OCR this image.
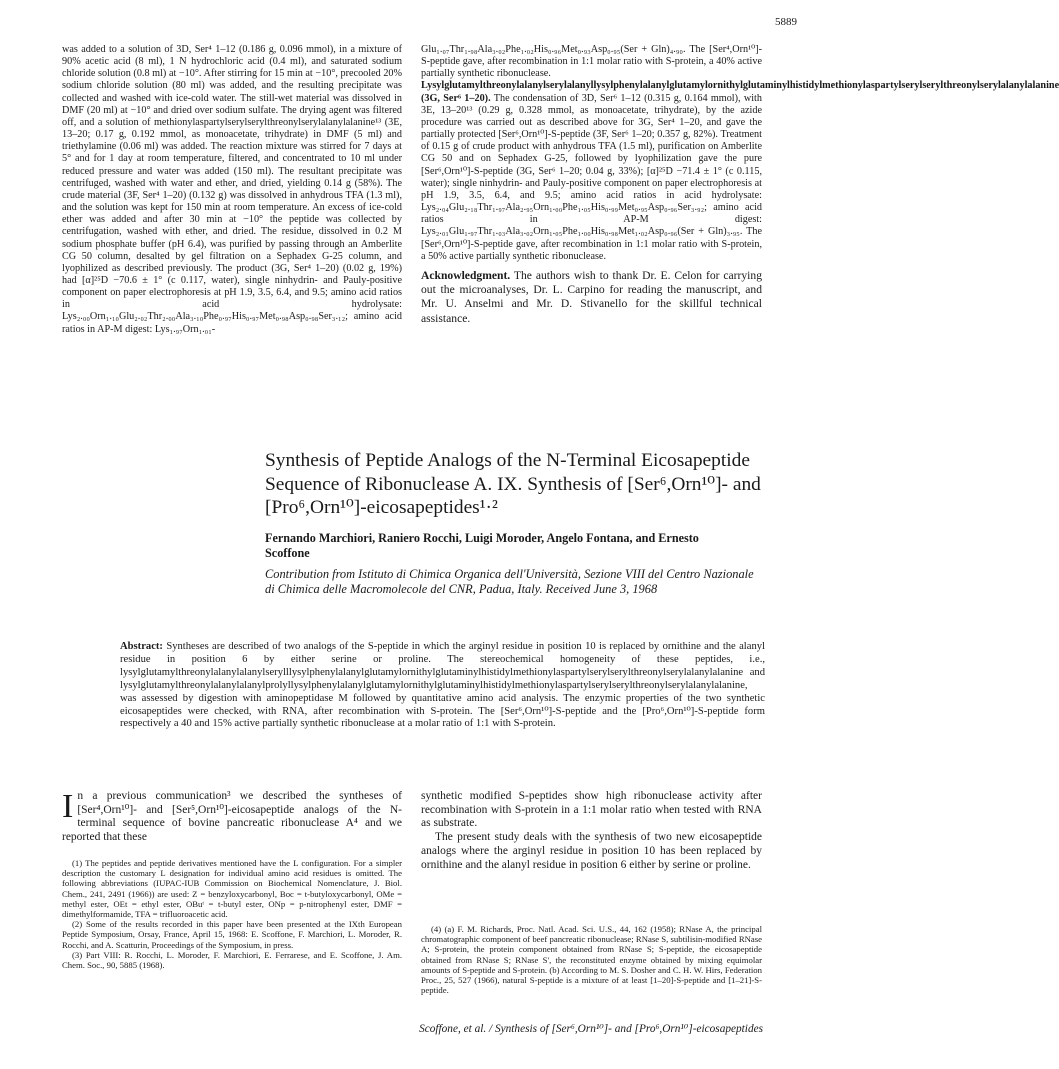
5889

was added to a solution of 3D, Ser⁴ 1–12 (0.186 g, 0.096 mmol), in a mixture of 90% acetic acid (8 ml), 1 N hydrochloric acid (0.4 ml), and saturated sodium chloride solution (0.8 ml) at −10°. After stirring for 15 min at −10°, precooled 20% sodium chloride solution (80 ml) was added, and the resulting precipitate was collected and washed with ice-cold water. The still-wet material was dissolved in DMF (20 ml) at −10° and dried over sodium sulfate. The drying agent was filtered off, and a solution of methionylaspartylserylserylthreonylserylalanylalanine¹³ (3E, 13–20; 0.17 g, 0.192 mmol, as monoacetate, trihydrate) in DMF (5 ml) and triethylamine (0.06 ml) was added. The reaction mixture was stirred for 7 days at 5° and for 1 day at room temperature, filtered, and concentrated to 10 ml under reduced pressure and water was added (150 ml). The resultant precipitate was centrifuged, washed with water and ether, and dried, yielding 0.14 g (58%). The crude material (3F, Ser⁴ 1–20) (0.132 g) was dissolved in anhydrous TFA (1.3 ml), and the solution was kept for 150 min at room temperature. An excess of ice-cold ether was added and after 30 min at −10° the peptide was collected by centrifugation, washed with ether, and dried. The residue, dissolved in 0.2 M sodium phosphate buffer (pH 6.4), was purified by passing through an Amberlite CG 50 column, desalted by gel filtration on a Sephadex G-25 column, and lyophilized as described previously. The product (3G, Ser⁴ 1–20) (0.02 g, 19%) had [α]²⁵D −70.6 ± 1° (c 0.117, water), single ninhydrin- and Pauly-positive component on paper electrophoresis at pH 1.9, 3.5, 6.4, and 9.5; amino acid ratios in acid hydrolysate: Lys₂.₀₀Orn₁.₁₀Glu₂.₀₂Thr₂.₀₀Ala₃.₁₀Phe₀.₉₇His₀.₉₇Met₀.₉₈Asp₀.₉₈Ser₃.₁₂; amino acid ratios in AP-M digest: Lys₁.₉₇Orn₁.₀₁-

Glu₁.₀₇Thr₁.₉₈Ala₃.₀₂Phe₁.₀₂His₀.₉₆Met₀.₉₃Asp₀.₉₅(Ser + Gln)₄.₉₀. The [Ser⁴,Orn¹⁰]-S-peptide gave, after recombination in 1:1 molar ratio with S-protein, a 40% active partially synthetic ribonuclease.

Lysylglutamylthreonylalanylserylalanyllysylphenylalanylglutamylornithylglutaminylhistidylmethionylaspartylserylserylthreonylserylalanylalanine (3G, Ser⁶ 1–20). The condensation of 3D, Ser⁶ 1–12 (0.315 g, 0.164 mmol), with 3E, 13–20¹³ (0.29 g, 0.328 mmol, as monoacetate, trihydrate), by the azide procedure was carried out as described above for 3G, Ser⁴ 1–20, and gave the partially protected [Ser⁶,Orn¹⁰]-S-peptide (3F, Ser⁶ 1–20; 0.357 g, 82%). Treatment of 0.15 g of crude product with anhydrous TFA (1.5 ml), purification on Amberlite CG 50 and on Sephadex G-25, followed by lyophilization gave the pure [Ser⁶,Orn¹⁰]-S-peptide (3G, Ser⁶ 1–20; 0.04 g, 33%); [α]²⁵D −71.4 ± 1° (c 0.115, water); single ninhydrin- and Pauly-positive component on paper electrophoresis at pH 1.9, 3.5, 6.4, and 9.5; amino acid ratios in acid hydrolysate: Lys₂.₀₄Glu₂.₁₈Thr₁.₉₇Ala₂.₉₅Orn₁.₀₀Phe₁.₀₅His₀.₉₉Met₀.₉₅Asp₀.₉₆Ser₃.₉₂; amino acid ratios in AP-M digest: Lys₂.₀₁Glu₁.₉₇Thr₁.₀₃Ala₃.₀₂Orn₁.₀₅Phe₁.₀₀His₀.₉₈Met₁.₀₂Asp₀.₉₆(Ser + Gln)₃.₉₅. The [Ser⁶,Orn¹⁰]-S-peptide gave, after recombination in 1:1 molar ratio with S-protein, a 50% active partially synthetic ribonuclease.

Acknowledgment. The authors wish to thank Dr. E. Celon for carrying out the microanalyses, Dr. L. Carpino for reading the manuscript, and Mr. U. Anselmi and Mr. D. Stivanello for the skillful technical assistance.

Synthesis of Peptide Analogs of the N-Terminal Eicosapeptide Sequence of Ribonuclease A. IX. Synthesis of [Ser⁶,Orn¹⁰]- and [Pro⁶,Orn¹⁰]-eicosapeptides¹·²
Fernando Marchiori, Raniero Rocchi, Luigi Moroder, Angelo Fontana, and Ernesto Scoffone
Contribution from Istituto di Chimica Organica dell'Università, Sezione VIII del Centro Nazionale di Chimica delle Macromolecole del CNR, Padua, Italy. Received June 3, 1968
Abstract: Syntheses are described of two analogs of the S-peptide in which the arginyl residue in position 10 is replaced by ornithine and the alanyl residue in position 6 by either serine or proline. The stereochemical homogeneity of these peptides, i.e., lysylglutamylthreonylalanylalanylserylllysylphenylalanylglutamylornithylglutaminylhistidylmethionylaspartylserylserylthreonylserylalanylalanine and lysylglutamylthreonylalanylalanylprolyllysylphenylalanylglutamylornithylglutaminylhistidylmethionylaspartylserylserylthreonylserylalanylalanine, was assessed by digestion with aminopeptidase M followed by quantitative amino acid analysis. The enzymic properties of the two synthetic eicosapeptides were checked, with RNA, after recombination with S-protein. The [Ser⁶,Orn¹⁰]-S-peptide and the [Pro⁶,Orn¹⁰]-S-peptide form respectively a 40 and 15% active partially synthetic ribonuclease at a molar ratio of 1:1 with S-protein.
I n a previous communication³ we described the syntheses of [Ser⁴,Orn¹⁰]- and [Ser⁵,Orn¹⁰]-eicosapeptide analogs of the N-terminal sequence of bovine pancreatic ribonuclease A⁴ and we reported that these

(1) The peptides and peptide derivatives mentioned have the L configuration. For a simpler description the customary L designation for individual amino acid residues is omitted. The following abbreviations (IUPAC-IUB Commission on Biochemical Nomenclature, J. Biol. Chem., 241, 2491 (1966)) are used: Z = benzyloxycarbonyl, Boc = t-butyloxycarbonyl, OMe = methyl ester, OEt = ethyl ester, OBuᵗ = t-butyl ester, ONp = p-nitrophenyl ester, DMF = dimethylformamide, TFA = trifluoroacetic acid.

(2) Some of the results recorded in this paper have been presented at the IXth European Peptide Symposium, Orsay, France, April 15, 1968: E. Scoffone, F. Marchiori, L. Moroder, R. Rocchi, and A. Scatturin, Proceedings of the Symposium, in press.

(3) Part VIII: R. Rocchi, L. Moroder, F. Marchiori, E. Ferrarese, and E. Scoffone, J. Am. Chem. Soc., 90, 5885 (1968).

synthetic modified S-peptides show high ribonuclease activity after recombination with S-protein in a 1:1 molar ratio when tested with RNA as substrate.

The present study deals with the synthesis of two new eicosapeptide analogs where the arginyl residue in position 10 has been replaced by ornithine and the alanyl residue in position 6 either by serine or proline.

(4) (a) F. M. Richards, Proc. Natl. Acad. Sci. U.S., 44, 162 (1958); RNase A, the principal chromatographic component of beef pancreatic ribonuclease; RNase S, subtilisin-modified RNase A; S-protein, the protein component obtained from RNase S; S-peptide, the eicosapeptide obtained from RNase S; RNase S', the reconstituted enzyme obtained by mixing equimolar amounts of S-peptide and S-protein. (b) According to M. S. Dosher and C. H. W. Hirs, Federation Proc., 25, 527 (1966), natural S-peptide is a mixture of at least [1–20]-S-peptide and [1–21]-S-peptide.

Scoffone, et al. / Synthesis of [Ser⁶,Orn¹⁰]- and [Pro⁶,Orn¹⁰]-eicosapeptides
